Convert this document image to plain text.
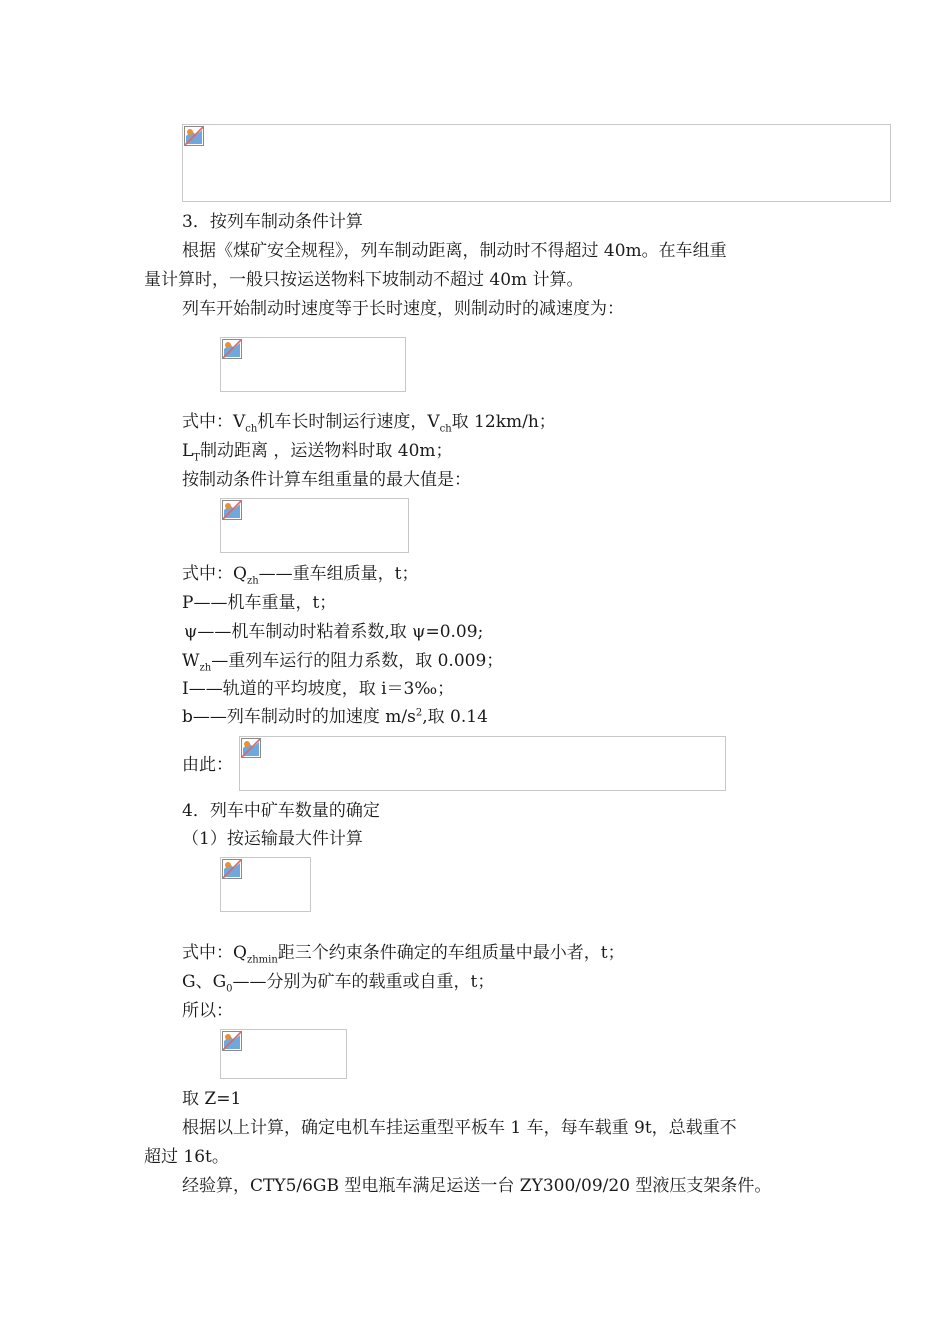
3．按列车制动条件计算
根据《煤矿安全规程》，列车制动距离，制动时不得超过 40m。在车组重
量计算时，一般只按运送物料下坡制动不超过 40m 计算。
列车开始制动时速度等于长时速度，则制动时的减速度为：
式中：$V_{ch}$机车长时制运行速度，$V_{ch}$取 12km/h；
$L_T$制动距离 ，运送物料时取 40m；
按制动条件计算车组重量的最大值是：
式中：$Q_{zh}——$重车组质量，t；
P——机车重量，t；
ψ——机车制动时粘着系数,取 ψ=0.09;
$W_{zh}—$重列车运行的阻力系数，取 0.009；
I——轨道的平均坡度，取 i＝3‰；
b——列车制动时的加速度 $m/s^2$,取 0.14
由此：
4．列车中矿车数量的确定
（1）按运输最大件计算
式中：$Q_{zhmin}$距三个约束条件确定的车组质量中最小者，t；
G、$G_0——$分别为矿车的载重或自重，t；
所以：
取 Z=1
根据以上计算，确定电机车挂运重型平板车 1 车，每车载重 9t，总载重不
超过 16t。
经验算，CTY5/6GB 型电瓶车满足运送一台 ZY300/09/20 型液压支架条件。
